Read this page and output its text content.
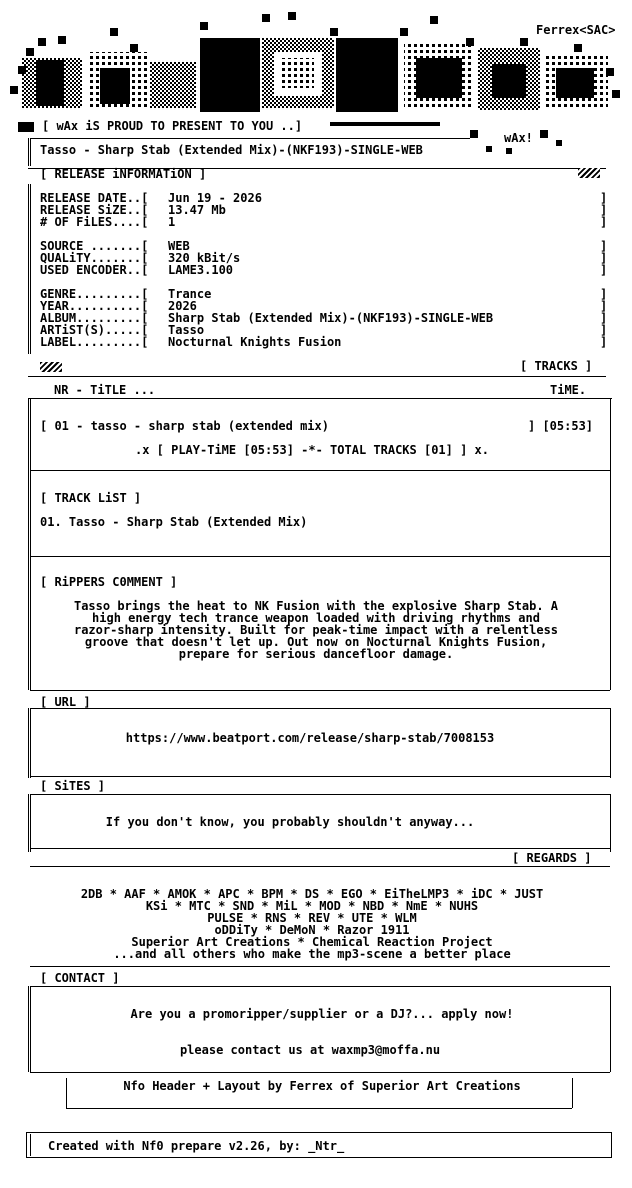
Ferrex<SAC>
wAx!
[ wAx iS PROUD TO PRESENT TO YOU ..]
Tasso - Sharp Stab (Extended Mix)-(NKF193)-SINGLE-WEB
[ RELEASE iNFORMATiON ]
RELEASE DATE..[ Jun 19 - 2026	]
RELEASE SiZE..[ 13.47 Mb	]
# OF FiLES....[ 1	]
SOURCE .......[ WEB	]
QUALiTY.......[ 320 kBit/s	]
USED ENCODER..[ LAME3.100	]
GENRE.........[ Trance	]
YEAR..........[ 2026	]
ALBUM.........[ Sharp Stab (Extended Mix)-(NKF193)-SINGLE-WEB	]
ARTiST(S).....[ Tasso	]
LABEL.........[ Nocturnal Knights Fusion	]
[ TRACKS ]
NR - TiTLE ...	TiME.
[ 01 - tasso - sharp stab (extended mix)	] [05:53]
.x [ PLAY-TiME [05:53] -*- TOTAL TRACKS [01] ] x.
[ TRACK LiST ]
01. Tasso - Sharp Stab (Extended Mix)
[ RiPPERS C0MMENT ]
Tasso brings the heat to NK Fusion with the explosive Sharp Stab. A
high energy tech trance weapon loaded with driving rhythms and
razor-sharp intensity. Built for peak-time impact with a relentless
groove that doesn't let up. Out now on Nocturnal Knights Fusion,
prepare for serious dancefloor damage.
[ URL ]
https://www.beatport.com/release/sharp-stab/7008153
[ SiTES ]
If you don't know, you probably shouldn't anyway...
[ REGARDS ]
2DB * AAF * AMOK * APC * BPM * DS * EGO * EiTheLMP3 * iDC * JUST
KSi * MTC * SND * MiL * MOD * NBD * NmE * NUHS
PULSE * RNS * REV * UTE * WLM
oDDiTy * DeMoN * Razor 1911
Superior Art Creations * Chemical Reaction Project
...and all others who make the mp3-scene a better place
[ CONTACT ]
Are you a promoripper/supplier or a DJ?... apply now!
please contact us at waxmp3@moffa.nu
Nfo Header + Layout by Ferrex of Superior Art Creations
Created with Nf0 prepare v2.26, by: _Ntr_
